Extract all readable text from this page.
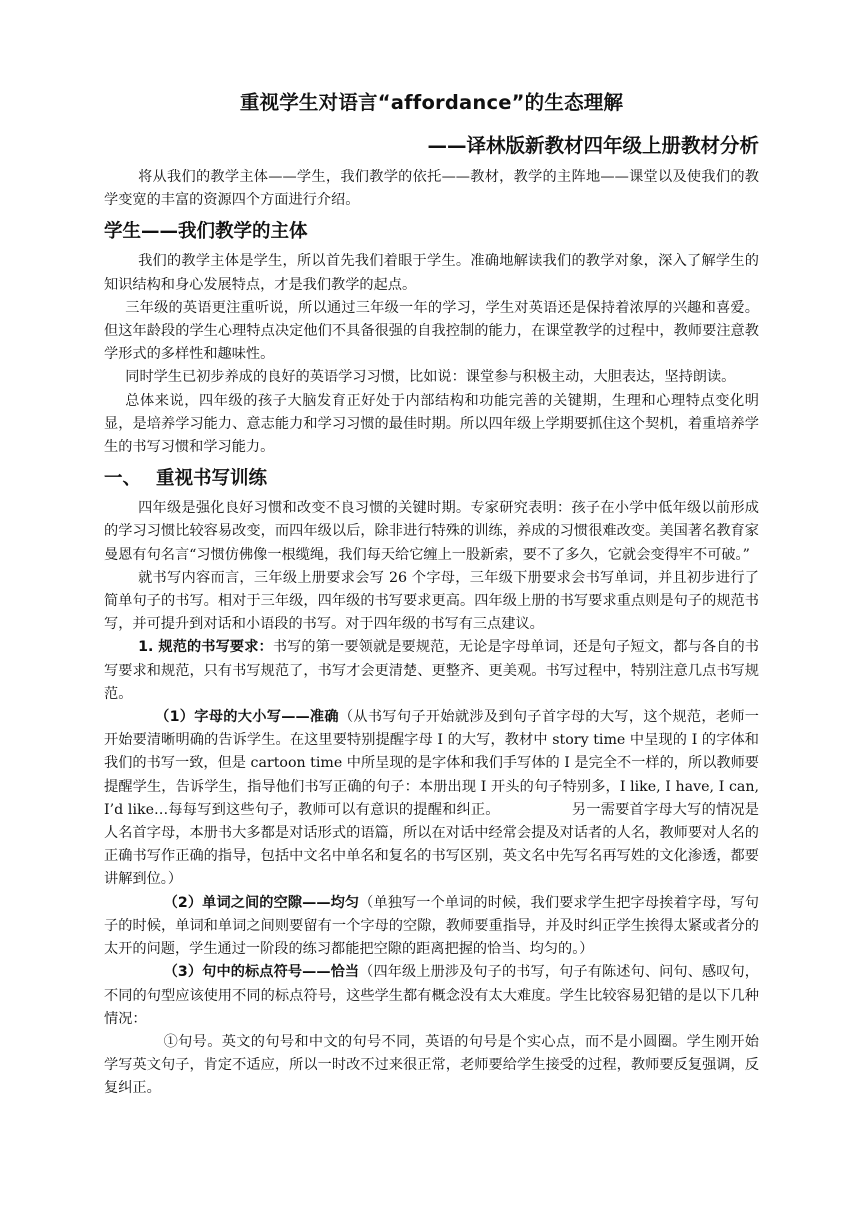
重视学生对语言“affordance”的生态理解
——译林版新教材四年级上册教材分析

将从我们的教学主体——学生，我们教学的依托——教材，教学的主阵地——课堂以及使我们的教学变宽的丰富的资源四个方面进行介绍。

学生——我们教学的主体

我们的教学主体是学生，所以首先我们着眼于学生。准确地解读我们的教学对象，深入了解学生的知识结构和身心发展特点，才是我们教学的起点。

三年级的英语更注重听说，所以通过三年级一年的学习，学生对英语还是保持着浓厚的兴趣和喜爱。但这年龄段的学生心理特点决定他们不具备很强的自我控制的能力，在课堂教学的过程中，教师要注意教学形式的多样性和趣味性。

同时学生已初步养成的良好的英语学习习惯，比如说：课堂参与积极主动，大胆表达，坚持朗读。

总体来说，四年级的孩子大脑发育正好处于内部结构和功能完善的关键期，生理和心理特点变化明显，是培养学习能力、意志能力和学习习惯的最佳时期。所以四年级上学期要抓住这个契机，着重培养学生的书写习惯和学习能力。

一、 重视书写训练

四年级是强化良好习惯和改变不良习惯的关键时期。专家研究表明：孩子在小学中低年级以前形成的学习习惯比较容易改变，而四年级以后，除非进行特殊的训练，养成的习惯很难改变。美国著名教育家曼恩有句名言“习惯仿佛像一根缆绳，我们每天给它缠上一股新索，要不了多久，它就会变得牢不可破。”

就书写内容而言，三年级上册要求会写 26 个字母，三年级下册要求会书写单词，并且初步进行了简单句子的书写。相对于三年级，四年级的书写要求更高。四年级上册的书写要求重点则是句子的规范书写，并可提升到对话和小语段的书写。对于四年级的书写有三点建议。

1. 规范的书写要求：书写的第一要领就是要规范，无论是字母单词，还是句子短文，都与各自的书写要求和规范，只有书写规范了，书写才会更清楚、更整齐、更美观。书写过程中，特别注意几点书写规范。

（1）字母的大小写——准确（从书写句子开始就涉及到句子首字母的大写，这个规范，老师一开始要清晰明确的告诉学生。在这里要特别提醒字母 I 的大写，教材中 story time 中呈现的 I 的字体和我们的书写一致，但是 cartoon time 中所呈现的是字体和我们手写体的 I 是完全不一样的，所以教师要提醒学生，告诉学生，指导他们书写正确的句子：本册出现 I 开头的句子特别多，I like, I have, I can, I’d like…每每写到这些句子，教师可以有意识的提醒和纠正。	另一需要首字母大写的情况是人名首字母，本册书大多都是对话形式的语篇，所以在对话中经常会提及对话者的人名，教师要对人名的正确书写作正确的指导，包括中文名中单名和复名的书写区别，英文名中先写名再写姓的文化渗透，都要讲解到位。）

（2）单词之间的空隙——均匀（单独写一个单词的时候，我们要求学生把字母挨着字母，写句子的时候，单词和单词之间则要留有一个字母的空隙，教师要重指导，并及时纠正学生挨得太紧或者分的太开的问题，学生通过一阶段的练习都能把空隙的距离把握的恰当、均匀的。）

（3）句中的标点符号——恰当（四年级上册涉及句子的书写，句子有陈述句、问句、感叹句，不同的句型应该使用不同的标点符号，这些学生都有概念没有太大难度。学生比较容易犯错的是以下几种情况：

①句号。英文的句号和中文的句号不同，英语的句号是个实心点，而不是小圆圈。学生刚开始学写英文句子，肯定不适应，所以一时改不过来很正常，老师要给学生接受的过程，教师要反复强调，反复纠正。
